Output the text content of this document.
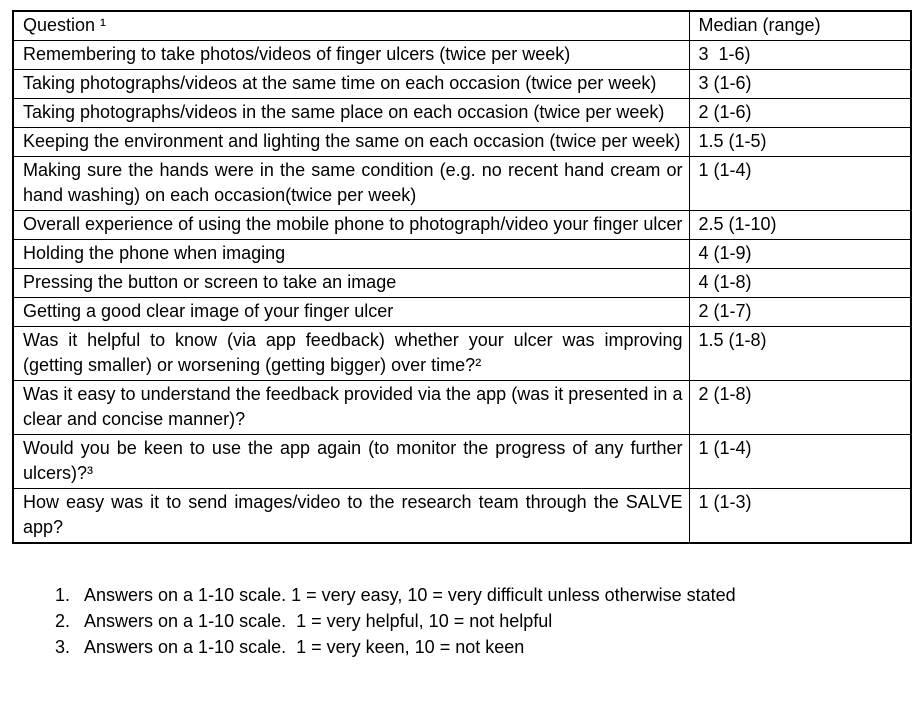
Question ¹	Median (range)
Remembering to take photos/videos of finger ulcers (twice per week)	3  1-6)
Taking photographs/videos at the same time on each occasion (twice per week)	3 (1-6)
Taking photographs/videos in the same place on each occasion (twice per week)	2 (1-6)
Keeping the environment and lighting the same on each occasion (twice per week)	1.5 (1-5)
Making sure the hands were in the same condition (e.g. no recent hand cream or hand washing) on each occasion(twice per week)	1 (1-4)
Overall experience of using the mobile phone to photograph/video your finger ulcer	2.5 (1-10)
Holding the phone when imaging	4 (1-9)
Pressing the button or screen to take an image	4 (1-8)
Getting a good clear image of your finger ulcer	2 (1-7)
Was it helpful to know (via app feedback) whether your ulcer was improving (getting smaller) or worsening (getting bigger) over time?²	1.5 (1-8)
Was it easy to understand the feedback provided via the app (was it presented in a clear and concise manner)?	2 (1-8)
Would you be keen to use the app again (to monitor the progress of any further ulcers)?³	1 (1-4)
How easy was it to send images/video to the research team through the SALVE app?	1 (1-3)
1. Answers on a 1-10 scale. 1 = very easy, 10 = very difficult unless otherwise stated
2. Answers on a 1-10 scale.  1 = very helpful, 10 = not helpful
3. Answers on a 1-10 scale.  1 = very keen, 10 = not keen
